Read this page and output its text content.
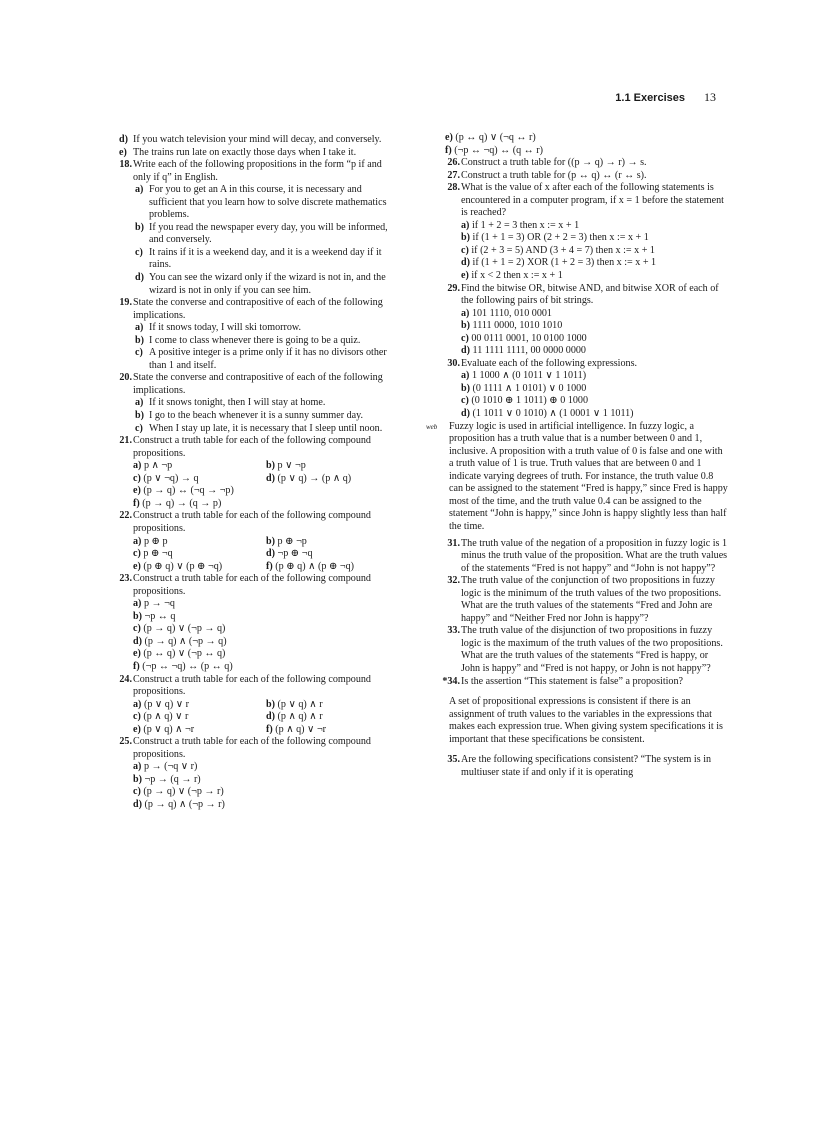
1.1 Exercises 13
d) If you watch television your mind will decay, and conversely.
e) The trains run late on exactly those days when I take it.
18. Write each of the following propositions in the form “p if and only if q” in English.
a) For you to get an A in this course, it is necessary and sufficient that you learn how to solve discrete mathematics problems.
b) If you read the newspaper every day, you will be informed, and conversely.
c) It rains if it is a weekend day, and it is a weekend day if it rains.
d) You can see the wizard only if the wizard is not in, and the wizard is not in only if you can see him.
19. State the converse and contrapositive of each of the following implications.
a) If it snows today, I will ski tomorrow.
b) I come to class whenever there is going to be a quiz.
c) A positive integer is a prime only if it has no divisors other than 1 and itself.
20. State the converse and contrapositive of each of the following implications.
a) If it snows tonight, then I will stay at home.
b) I go to the beach whenever it is a sunny summer day.
c) When I stay up late, it is necessary that I sleep until noon.
21. Construct a truth table for each of the following compound propositions.
a) p ∧ ¬p	b) p ∨ ¬p
c) (p ∨ ¬q) → q	d) (p ∨ q) → (p ∧ q)
e) (p → q) ↔ (¬q → ¬p)
f) (p → q) → (q → p)
22. Construct a truth table for each of the following compound propositions.
a) p ⊕ p	b) p ⊕ ¬p
c) p ⊕ ¬q	d) ¬p ⊕ ¬q
e) (p ⊕ q) ∨ (p ⊕ ¬q)	f) (p ⊕ q) ∧ (p ⊕ ¬q)
23. Construct a truth table for each of the following compound propositions.
a) p → ¬q
b) ¬p ↔ q
c) (p → q) ∨ (¬p → q)
d) (p → q) ∧ (¬p → q)
e) (p ↔ q) ∨ (¬p ↔ q)
f) (¬p ↔ ¬q) ↔ (p ↔ q)
24. Construct a truth table for each of the following compound propositions.
a) (p ∨ q) ∨ r	b) (p ∨ q) ∧ r
c) (p ∧ q) ∨ r	d) (p ∧ q) ∧ r
e) (p ∨ q) ∧ ¬r	f) (p ∧ q) ∨ ¬r
25. Construct a truth table for each of the following compound propositions.
a) p → (¬q ∨ r)
b) ¬p → (q → r)
c) (p → q) ∨ (¬p → r)
d) (p → q) ∧ (¬p → r)
e) (p ↔ q) ∨ (¬q ↔ r)
f) (¬p ↔ ¬q) ↔ (q ↔ r)
26. Construct a truth table for ((p → q) → r) → s.
27. Construct a truth table for (p ↔ q) ↔ (r ↔ s).
28. What is the value of x after each of the following statements is encountered in a computer program, if x = 1 before the statement is reached?
a) if 1 + 2 = 3 then x := x + 1
b) if (1 + 1 = 3) OR (2 + 2 = 3) then x := x + 1
c) if (2 + 3 = 5) AND (3 + 4 = 7) then x := x + 1
d) if (1 + 1 = 2) XOR (1 + 2 = 3) then x := x + 1
e) if x < 2 then x := x + 1
29. Find the bitwise OR, bitwise AND, and bitwise XOR of each of the following pairs of bit strings.
a) 101 1110, 010 0001
b) 1111 0000, 1010 1010
c) 00 0111 0001, 10 0100 1000
d) 11 1111 1111, 00 0000 0000
30. Evaluate each of the following expressions.
a) 1 1000 ∧ (0 1011 ∨ 1 1011)
b) (0 1111 ∧ 1 0101) ∨ 0 1000
c) (0 1010 ⊕ 1 1011) ⊕ 0 1000
d) (1 1011 ∨ 0 1010) ∧ (1 0001 ∨ 1 1011)
web Fuzzy logic is used in artificial intelligence. In fuzzy logic, a proposition has a truth value that is a number between 0 and 1, inclusive. A proposition with a truth value of 0 is false and one with a truth value of 1 is true. Truth values that are between 0 and 1 indicate varying degrees of truth. For instance, the truth value 0.8 can be assigned to the statement “Fred is happy,” since Fred is happy most of the time, and the truth value 0.4 can be assigned to the statement “John is happy,” since John is happy slightly less than half the time.
31. The truth value of the negation of a proposition in fuzzy logic is 1 minus the truth value of the proposition. What are the truth values of the statements “Fred is not happy” and “John is not happy”?
32. The truth value of the conjunction of two propositions in fuzzy logic is the minimum of the truth values of the two propositions. What are the truth values of the statements “Fred and John are happy” and “Neither Fred nor John is happy”?
33. The truth value of the disjunction of two propositions in fuzzy logic is the maximum of the truth values of the two propositions. What are the truth values of the statements “Fred is happy, or John is happy” and “Fred is not happy, or John is not happy”?
*34. Is the assertion “This statement is false” a proposition?
A set of propositional expressions is consistent if there is an assignment of truth values to the variables in the expressions that makes each expression true. When giving system specifications it is important that these specifications be consistent.
35. Are the following specifications consistent? “The system is in multiuser state if and only if it is operating
